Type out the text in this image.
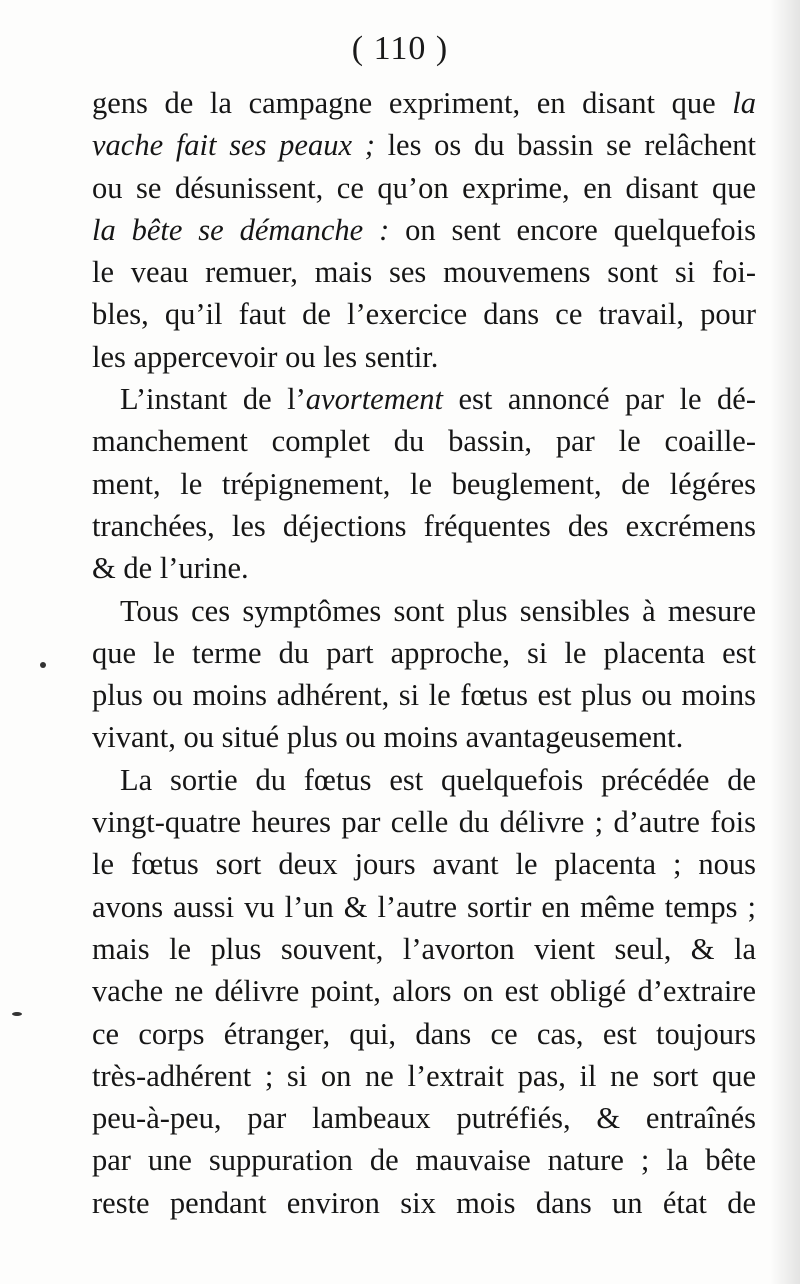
( 110 )
gens de la campagne expriment, en disant que la
vache fait ses peaux ; les os du bassin se relâchent
ou se désunissent, ce qu’on exprime, en disant que
la bête se démanche : on sent encore quelquefois
le veau remuer, mais ses mouvemens sont si foi-
bles, qu’il faut de l’exercice dans ce travail, pour
les appercevoir ou les sentir.
L’instant de l’avortement est annoncé par le dé-
manchement complet du bassin, par le coaille-
ment, le trépignement, le beuglement, de légéres
tranchées, les déjections fréquentes des excrémens
& de l’urine.
Tous ces symptômes sont plus sensibles à mesure
que le terme du part approche, si le placenta est
plus ou moins adhérent, si le fœtus est plus ou moins
vivant, ou situé plus ou moins avantageusement.
La sortie du fœtus est quelquefois précédée de
vingt-quatre heures par celle du délivre ; d’autre fois
le fœtus sort deux jours avant le placenta ; nous
avons aussi vu l’un & l’autre sortir en même temps ;
mais le plus souvent, l’avorton vient seul, & la
vache ne délivre point, alors on est obligé d’extraire
ce corps étranger, qui, dans ce cas, est toujours
très-adhérent ; si on ne l’extrait pas, il ne sort que
peu-à-peu, par lambeaux putréfiés, & entraînés
par une suppuration de mauvaise nature ; la bête
reste pendant environ six mois dans un état de
